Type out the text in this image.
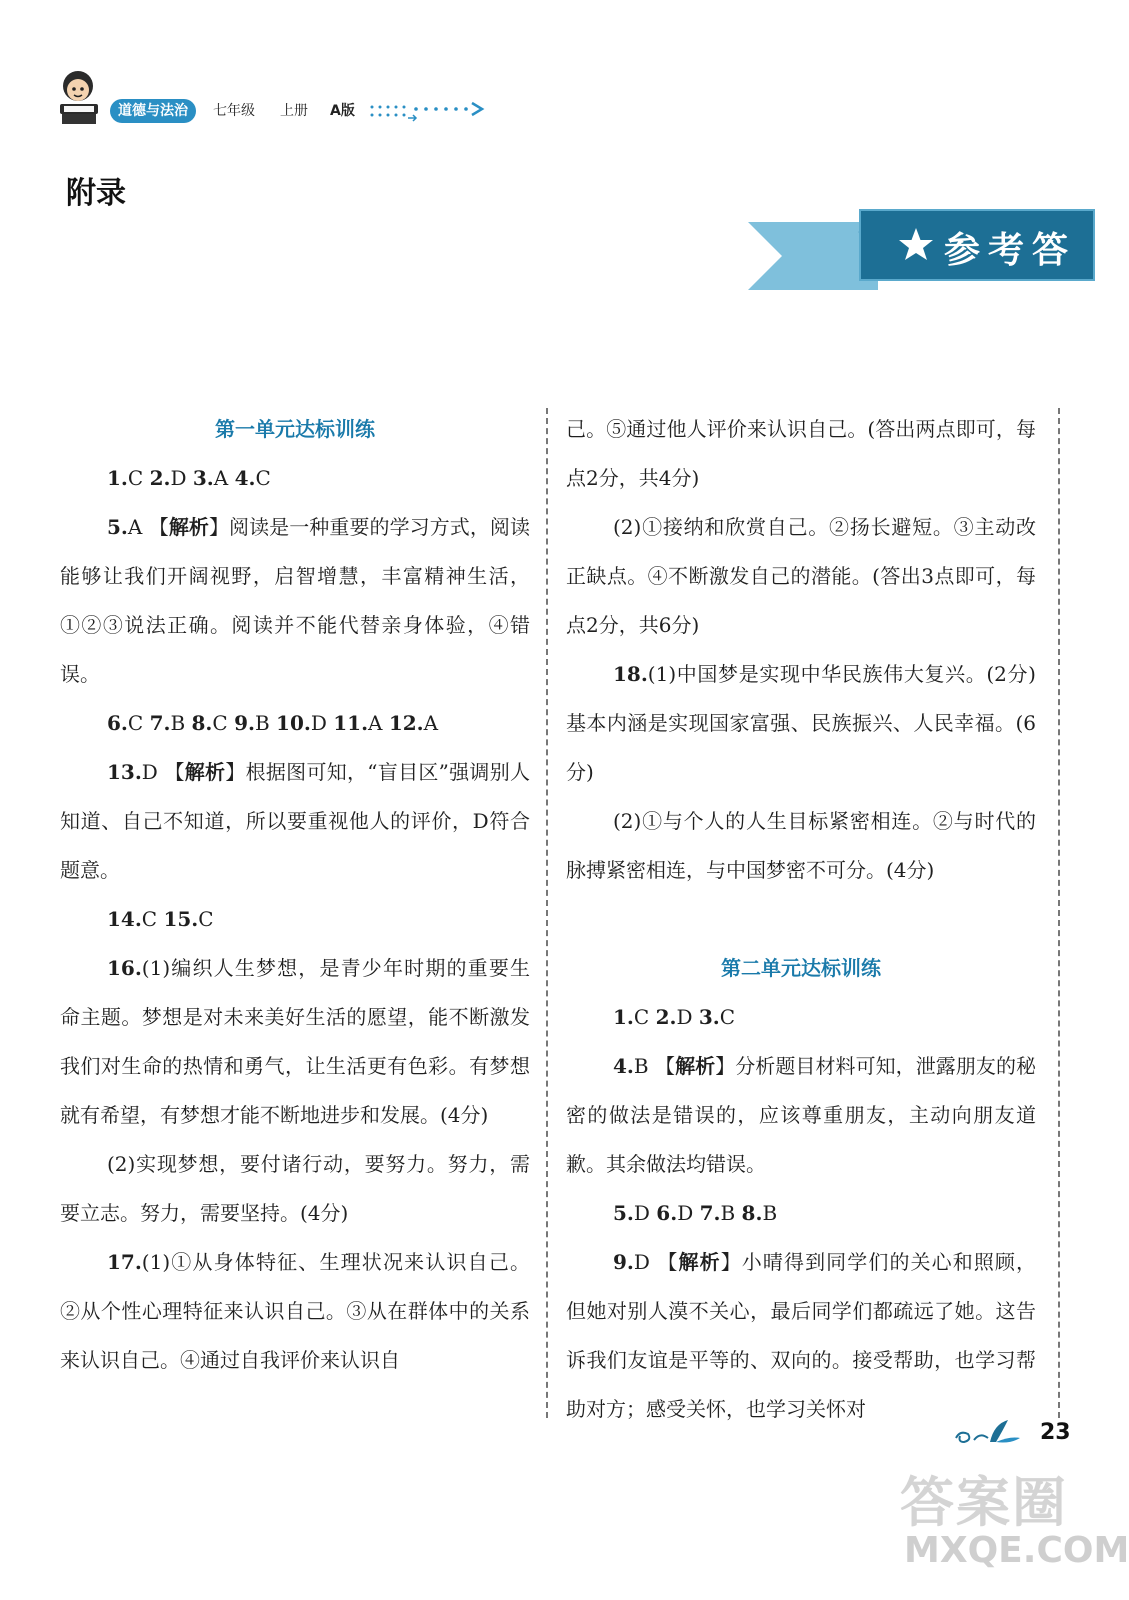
道德与法治	七年级 上册 A版
附录
参考答

第一单元达标训练

1.C 2.D 3.A 4.C

5.A 【解析】阅读是一种重要的学习方式，阅读能够让我们开阔视野，启智增慧，丰富精神生活，①②③说法正确。阅读并不能代替亲身体验，④错误。

6.C 7.B 8.C 9.B 10.D 11.A 12.A

13.D 【解析】根据图可知，“盲目区”强调别人知道、自己不知道，所以要重视他人的评价，D符合题意。

14.C 15.C

16.(1)编织人生梦想，是青少年时期的重要生命主题。梦想是对未来美好生活的愿望，能不断激发我们对生命的热情和勇气，让生活更有色彩。有梦想就有希望，有梦想才能不断地进步和发展。(4分)

(2)实现梦想，要付诸行动，要努力。努力，需要立志。努力，需要坚持。(4分)

17.(1)①从身体特征、生理状况来认识自己。②从个性心理特征来认识自己。③从在群体中的关系来认识自己。④通过自我评价来认识自

己。⑤通过他人评价来认识自己。(答出两点即可，每点2分，共4分)

(2)①接纳和欣赏自己。②扬长避短。③主动改正缺点。④不断激发自己的潜能。(答出3点即可，每点2分，共6分)

18.(1)中国梦是实现中华民族伟大复兴。(2分)基本内涵是实现国家富强、民族振兴、人民幸福。(6分)

(2)①与个人的人生目标紧密相连。②与时代的脉搏紧密相连，与中国梦密不可分。(4分)

第二单元达标训练

1.C 2.D 3.C

4.B 【解析】分析题目材料可知，泄露朋友的秘密的做法是错误的，应该尊重朋友，主动向朋友道歉。其余做法均错误。

5.D 6.D 7.B 8.B

9.D 【解析】小晴得到同学们的关心和照顾，但她对别人漠不关心，最后同学们都疏远了她。这告诉我们友谊是平等的、双向的。接受帮助，也学习帮助对方；感受关怀，也学习关怀对

23
答案圈
MXQE.COM
